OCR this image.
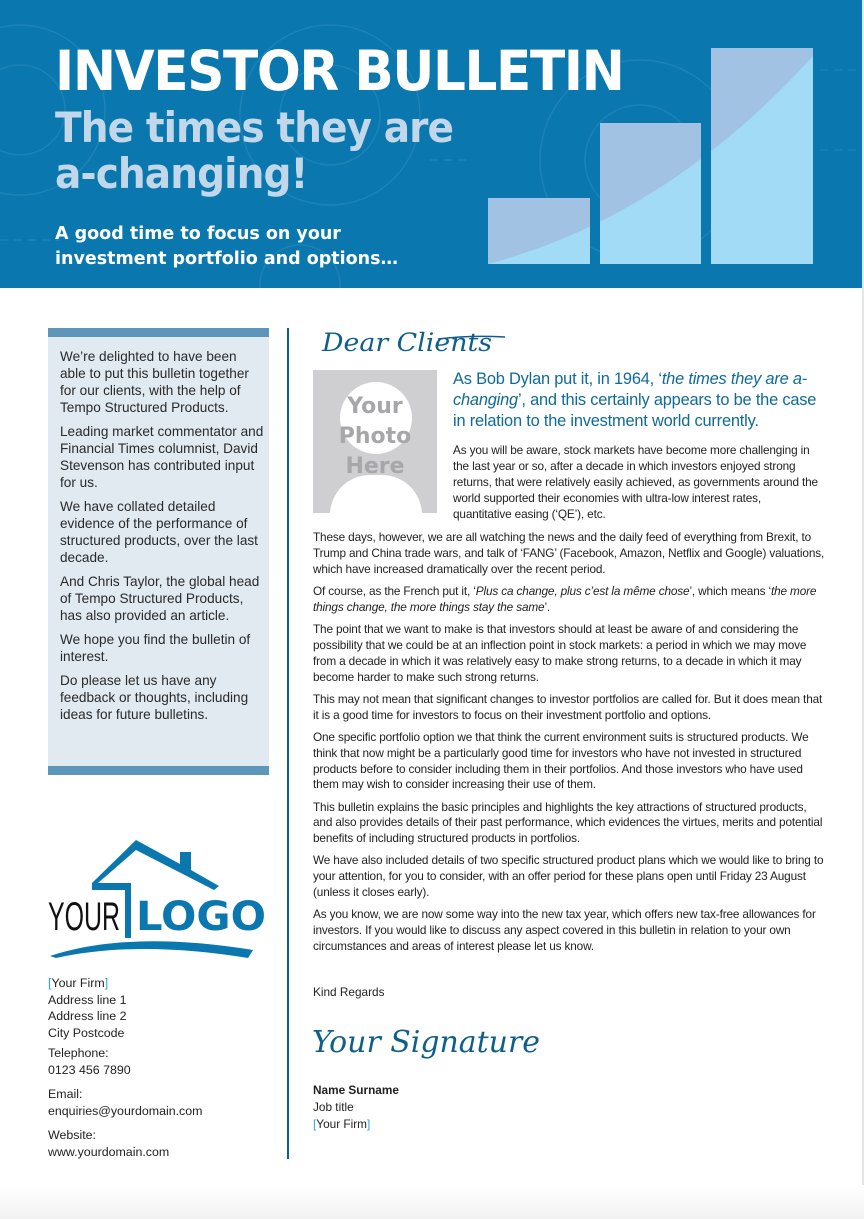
INVESTOR BULLETIN
The times they are
a-changing!

A good time to focus on your
investment portfolio and options…

We’re delighted to have been able to put this bulletin together for our clients, with the help of Tempo Structured Products.

Leading market commentator and Financial Times columnist, David Stevenson has contributed input for us.

We have collated detailed evidence of the performance of structured products, over the last decade.

And Chris Taylor, the global head of Tempo Structured Products, has also provided an article.

We hope you find the bulletin of interest.

Do please let us have any feedback or thoughts, including ideas for future bulletins.

YOUR LOGO

[Your Firm]
Address line 1
Address line 2
City Postcode

Telephone:
0123 456 7890

Email:
enquiries@yourdomain.com

Website:
www.yourdomain.com

Dear Clients
Your
Photo
Here

As Bob Dylan put it, in 1964, ‘the times they are a-changing’, and this certainly appears to be the case in relation to the investment world currently.

As you will be aware, stock markets have become more challenging in the last year or so, after a decade in which investors enjoyed strong returns, that were relatively easily achieved, as governments around the world supported their economies with ultra-low interest rates, quantitative easing (‘QE’), etc.

These days, however, we are all watching the news and the daily feed of everything from Brexit, to Trump and China trade wars, and talk of ‘FANG’ (Facebook, Amazon, Netflix and Google) valuations, which have increased dramatically over the recent period.

Of course, as the French put it, ‘Plus ca change, plus c’est la même chose’, which means ‘the more things change, the more things stay the same’.

The point that we want to make is that investors should at least be aware of and considering the possibility that we could be at an inflection point in stock markets: a period in which we may move from a decade in which it was relatively easy to make strong returns, to a decade in which it may become harder to make such strong returns.

This may not mean that significant changes to investor portfolios are called for. But it does mean that it is a good time for investors to focus on their investment portfolio and options.

One specific portfolio option we that think the current environment suits is structured products. We think that now might be a particularly good time for investors who have not invested in structured products before to consider including them in their portfolios. And those investors who have used them may wish to consider increasing their use of them.

This bulletin explains the basic principles and highlights the key attractions of structured products, and also provides details of their past performance, which evidences the virtues, merits and potential benefits of including structured products in portfolios.

We have also included details of two specific structured product plans which we would like to bring to your attention, for you to consider, with an offer period for these plans open until Friday 23 August (unless it closes early).

As you know, we are now some way into the new tax year, which offers new tax-free allowances for investors. If you would like to discuss any aspect covered in this bulletin in relation to your own circumstances and areas of interest please let us know.

Kind Regards

Your Signature
Name Surname
Job title
[Your Firm]
